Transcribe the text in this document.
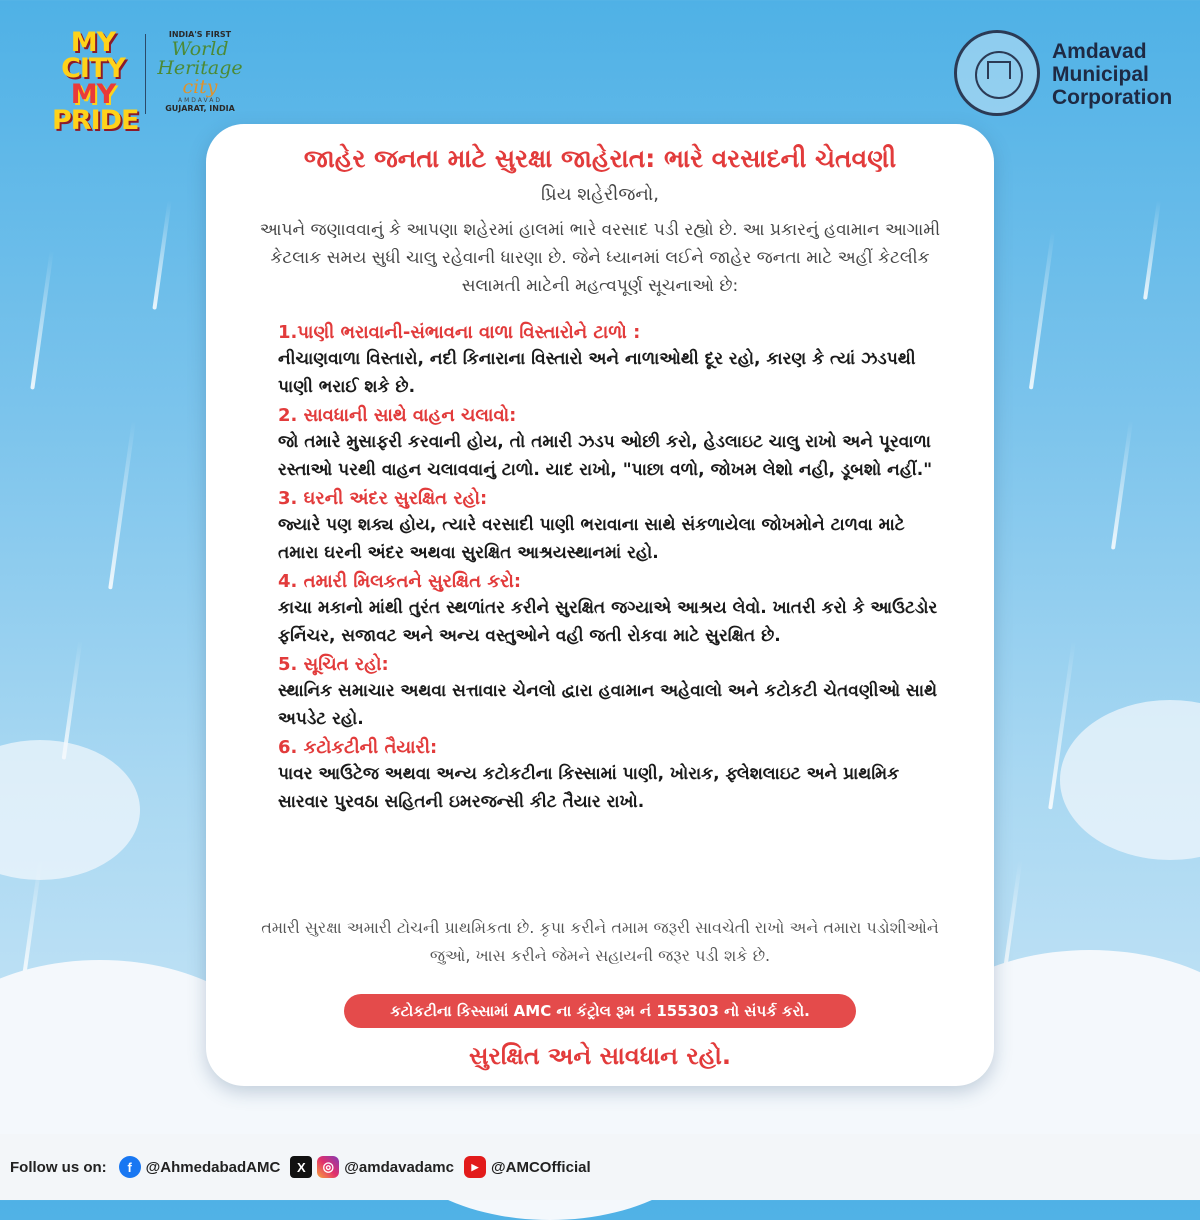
MY
CITY
MY
PRIDE
INDIA'S FIRST
World
Heritage
city
AMDAVAD
GUJARAT, INDIA
Amdavad
Municipal
Corporation
જાહેર જનતા માટે સુરક્ષા જાહેરાત: ભારે વરસાદની ચેતવણી
પ્રિય શહેરીજનો,
આપને જણાવવાનું કે આપણા શહેરમાં હાલમાં ભારે વરસાદ પડી રહ્યો છે. આ પ્રકારનું હવામાન આગામી કેટલાક સમય સુધી ચાલુ રહેવાની ધારણા છે. જેને ધ્યાનમાં લઈને જાહેર જનતા માટે અહીં કેટલીક સલામતી માટેની મહત્વપૂર્ણ સૂચનાઓ છે:
1.પાણી ભરાવાની-સંભાવના વાળા વિસ્તારોને ટાળો :
નીચાણવાળા વિસ્તારો, નદી કિનારાના વિસ્તારો અને નાળાઓથી દૂર રહો, કારણ કે ત્યાં ઝડપથી પાણી ભરાઈ શકે છે.
2. સાવધાની સાથે વાહન ચલાવો:
જો તમારે મુસાફરી કરવાની હોય, તો તમારી ઝડપ ઓછી કરો, હેડલાઇટ ચાલુ રાખો અને પૂરવાળા રસ્તાઓ પરથી વાહન ચલાવવાનું ટાળો. યાદ રાખો, "પાછા વળો, જોખમ લેશો નહી, ડૂબશો નહીં."
3. ઘરની અંદર સુરક્ષિત રહો:
જ્યારે પણ શક્ય હોય, ત્યારે વરસાદી પાણી ભરાવાના સાથે સંકળાયેલા જોખમોને ટાળવા માટે તમારા ઘરની અંદર અથવા સુરક્ષિત આશ્રયસ્થાનમાં રહો.
4. તમારી મિલકતને સુરક્ષિત કરો:
કાચા મકાનો માંથી તુરંત સ્થળાંતર કરીને સુરક્ષિત જગ્યાએ આશ્રય લેવો. ખાતરી કરો કે આઉટડોર ફર્નિચર, સજાવટ અને અન્ય વસ્તુઓને વહી જતી રોકવા માટે સુરક્ષિત છે.
5. સૂચિત રહો:
સ્થાનિક સમાચાર અથવા સત્તાવાર ચેનલો દ્વારા હવામાન અહેવાલો અને કટોકટી ચેતવણીઓ સાથે અપડેટ રહો.
6. કટોકટીની તૈયારી:
પાવર આઉટેજ અથવા અન્ય કટોકટીના કિસ્સામાં પાણી, ખોરાક, ફ્લેશલાઇટ અને પ્રાથમિક સારવાર પુરવઠા સહિતની ઇમરજન્સી કીટ તૈયાર રાખો.
તમારી સુરક્ષા અમારી ટોચની પ્રાથમિકતા છે. કૃપા કરીને તમામ જરૂરી સાવચેતી રાખો અને તમારા પડોશીઓને જુઓ, ખાસ કરીને જેમને સહાયની જરૂર પડી શકે છે.
કટોકટીના કિસ્સામાં AMC ના કંટ્રોલ રૂમ નં 155303 નો સંપર્ક કરો.
સુરક્ષિત અને સાવધાન રહો.
Follow us on:	f @AhmedabadAMC	X	◎ @amdavadamc	▶ @AMCOfficial
